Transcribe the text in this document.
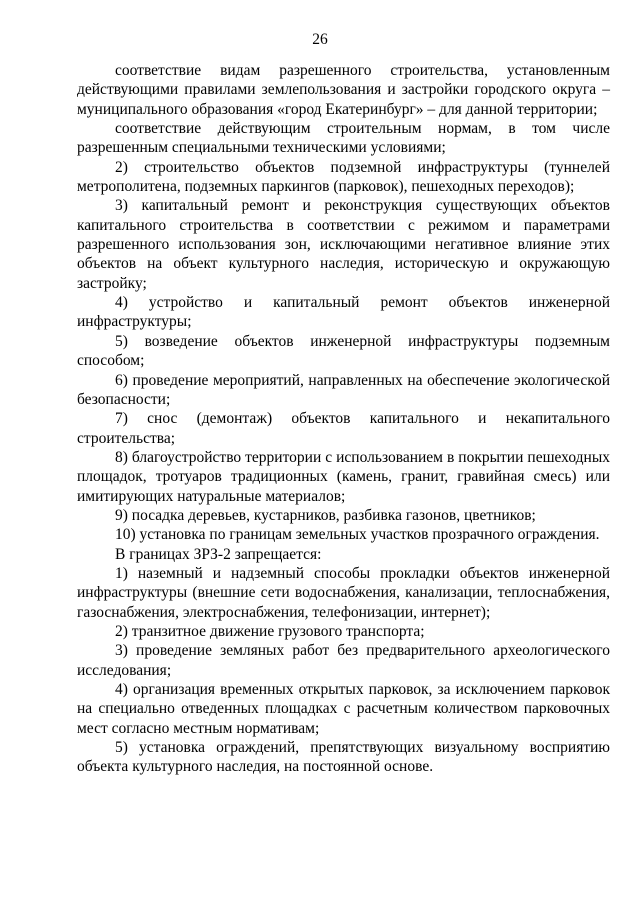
26

соответствие видам разрешенного строительства, установленным действующими правилами землепользования и застройки городского округа – муниципального образования «город Екатеринбург» – для данной территории;

соответствие действующим строительным нормам, в том числе разрешенным специальными техническими условиями;

2) строительство объектов подземной инфраструктуры (туннелей метрополитена, подземных паркингов (парковок), пешеходных переходов);

3) капитальный ремонт и реконструкция существующих объектов капитального строительства в соответствии с режимом и параметрами разрешенного использования зон, исключающими негативное влияние этих объектов на объект культурного наследия, историческую и окружающую застройку;

4) устройство и капитальный ремонт объектов инженерной инфраструктуры;

5) возведение объектов инженерной инфраструктуры подземным способом;

6) проведение мероприятий, направленных на обеспечение экологической безопасности;

7) снос (демонтаж) объектов капитального и некапитального строительства;

8) благоустройство территории с использованием в покрытии пешеходных площадок, тротуаров традиционных (камень, гранит, гравийная смесь) или имитирующих натуральные материалов;

9) посадка деревьев, кустарников, разбивка газонов, цветников;

10) установка по границам земельных участков прозрачного ограждения.

В границах ЗРЗ-2 запрещается:

1) наземный и надземный способы прокладки объектов инженерной инфраструктуры (внешние сети водоснабжения, канализации, теплоснабжения, газоснабжения, электроснабжения, телефонизации, интернет);

2) транзитное движение грузового транспорта;

3) проведение земляных работ без предварительного археологического исследования;

4) организация временных открытых парковок, за исключением парковок на специально отведенных площадках с расчетным количеством парковочных мест согласно местным нормативам;

5) установка ограждений, препятствующих визуальному восприятию объекта культурного наследия, на постоянной основе.
